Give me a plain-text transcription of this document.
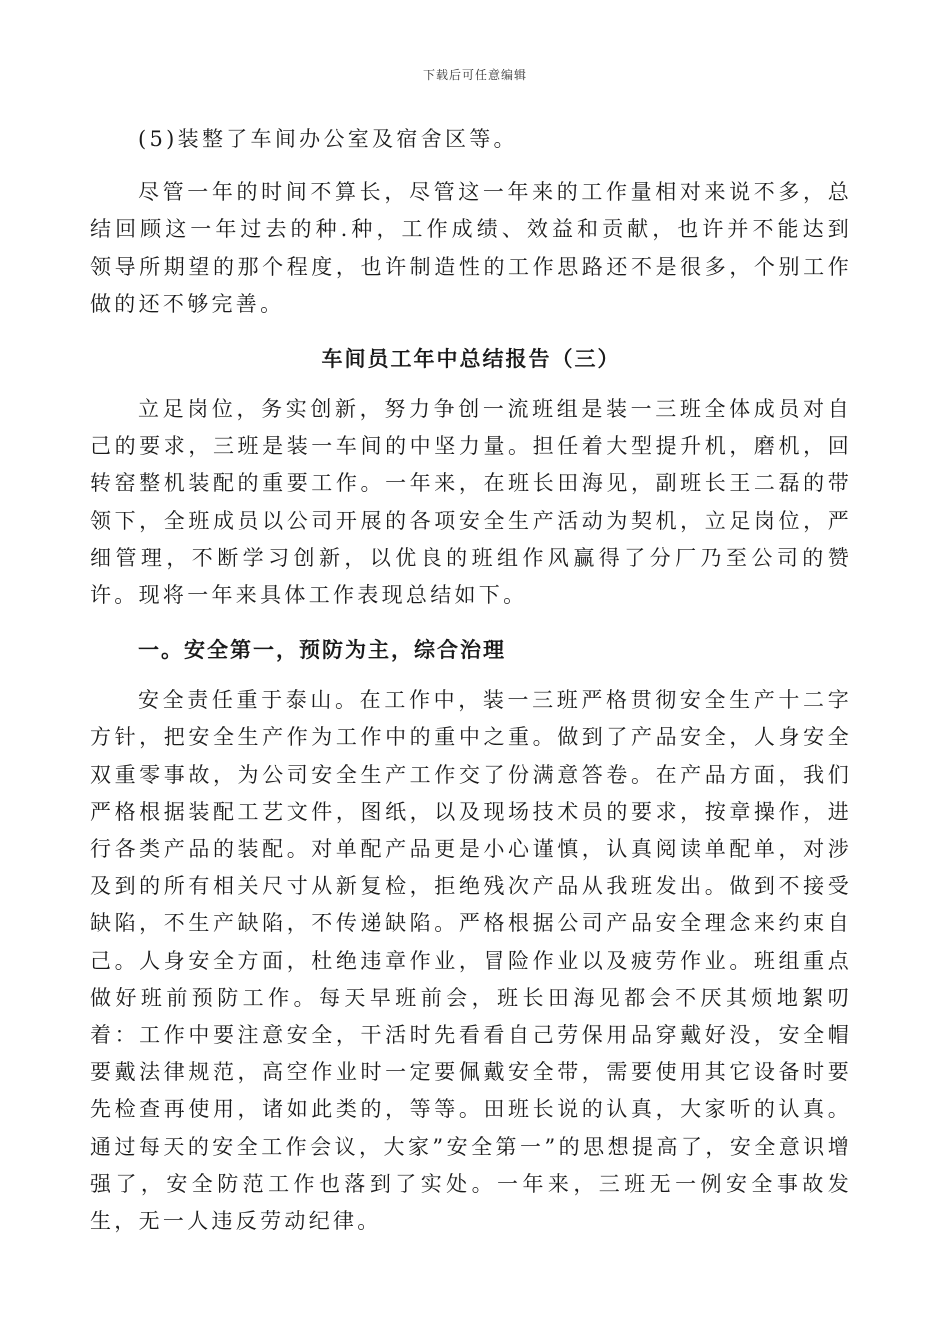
下载后可任意编辑

(5)装整了车间办公室及宿舍区等。

尽管一年的时间不算长，尽管这一年来的工作量相对来说不多，总结回顾这一年过去的种.种，工作成绩、效益和贡献，也许并不能达到领导所期望的那个程度，也许制造性的工作思路还不是很多，个别工作做的还不够完善。

车间员工年中总结报告（三）

立足岗位，务实创新，努力争创一流班组是装一三班全体成员对自己的要求，三班是装一车间的中坚力量。担任着大型提升机，磨机，回转窑整机装配的重要工作。一年来，在班长田海见，副班长王二磊的带领下，全班成员以公司开展的各项安全生产活动为契机，立足岗位，严细管理，不断学习创新，以优良的班组作风赢得了分厂乃至公司的赞许。现将一年来具体工作表现总结如下。

一。安全第一，预防为主，综合治理

安全责任重于泰山。在工作中，装一三班严格贯彻安全生产十二字方针，把安全生产作为工作中的重中之重。做到了产品安全，人身安全双重零事故，为公司安全生产工作交了份满意答卷。在产品方面，我们严格根据装配工艺文件，图纸，以及现场技术员的要求，按章操作，进行各类产品的装配。对单配产品更是小心谨慎，认真阅读单配单，对涉及到的所有相关尺寸从新复检，拒绝残次产品从我班发出。做到不接受缺陷，不生产缺陷，不传递缺陷。严格根据公司产品安全理念来约束自己。人身安全方面，杜绝违章作业，冒险作业以及疲劳作业。班组重点做好班前预防工作。每天早班前会，班长田海见都会不厌其烦地絮叨着：工作中要注意安全，干活时先看看自己劳保用品穿戴好没，安全帽要戴法律规范，高空作业时一定要佩戴安全带，需要使用其它设备时要先检查再使用，诸如此类的，等等。田班长说的认真，大家听的认真。通过每天的安全工作会议，大家”安全第一”的思想提高了，安全意识增强了，安全防范工作也落到了实处。一年来，三班无一例安全事故发生，无一人违反劳动纪律。
